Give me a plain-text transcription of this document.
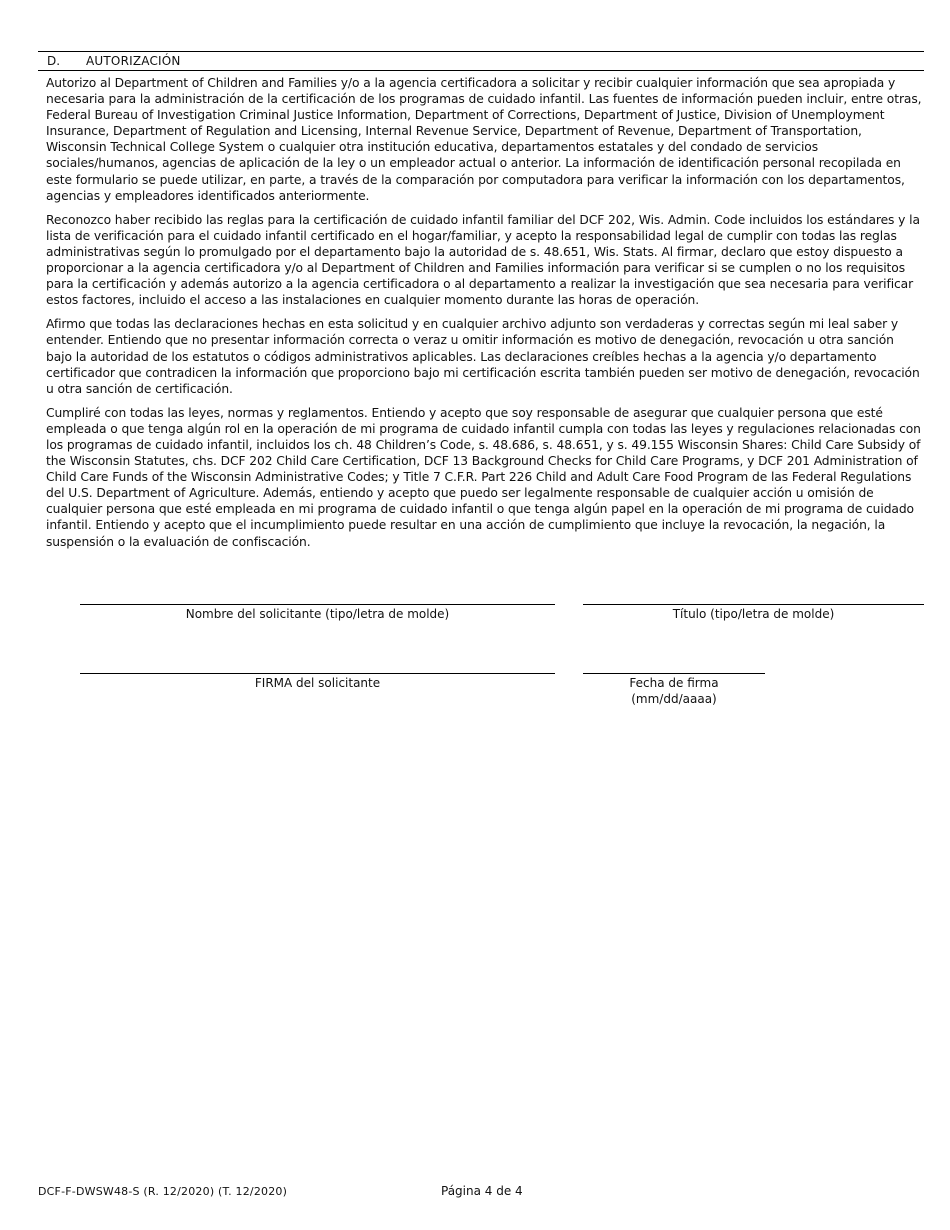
D. AUTORIZACIÓN

Autorizo al Department of Children and Families y/o a la agencia certificadora a solicitar y recibir cualquier información que sea apropiada y necesaria para la administración de la certificación de los programas de cuidado infantil. Las fuentes de información pueden incluir, entre otras, Federal Bureau of Investigation Criminal Justice Information, Department of Corrections, Department of Justice, Division of Unemployment Insurance, Department of Regulation and Licensing, Internal Revenue Service, Department of Revenue, Department of Transportation, Wisconsin Technical College System o cualquier otra institución educativa, departamentos estatales y del condado de servicios sociales/humanos, agencias de aplicación de la ley o un empleador actual o anterior. La información de identificación personal recopilada en este formulario se puede utilizar, en parte, a través de la comparación por computadora para verificar la información con los departamentos, agencias y empleadores identificados anteriormente.

Reconozco haber recibido las reglas para la certificación de cuidado infantil familiar del DCF 202, Wis. Admin. Code incluidos los estándares y la lista de verificación para el cuidado infantil certificado en el hogar/familiar, y acepto la responsabilidad legal de cumplir con todas las reglas administrativas según lo promulgado por el departamento bajo la autoridad de s. 48.651, Wis. Stats. Al firmar, declaro que estoy dispuesto a proporcionar a la agencia certificadora y/o al Department of Children and Families información para verificar si se cumplen o no los requisitos para la certificación y además autorizo a la agencia certificadora o al departamento a realizar la investigación que sea necesaria para verificar estos factores, incluido el acceso a las instalaciones en cualquier momento durante las horas de operación.

Afirmo que todas las declaraciones hechas en esta solicitud y en cualquier archivo adjunto son verdaderas y correctas según mi leal saber y entender. Entiendo que no presentar información correcta o veraz u omitir información es motivo de denegación, revocación u otra sanción bajo la autoridad de los estatutos o códigos administrativos aplicables. Las declaraciones creíbles hechas a la agencia y/o departamento certificador que contradicen la información que proporciono bajo mi certificación escrita también pueden ser motivo de denegación, revocación u otra sanción de certificación.

Cumpliré con todas las leyes, normas y reglamentos. Entiendo y acepto que soy responsable de asegurar que cualquier persona que esté empleada o que tenga algún rol en la operación de mi programa de cuidado infantil cumpla con todas las leyes y regulaciones relacionadas con los programas de cuidado infantil, incluidos los ch. 48 Children’s Code, s. 48.686, s. 48.651, y s. 49.155 Wisconsin Shares: Child Care Subsidy of the Wisconsin Statutes, chs. DCF 202 Child Care Certification, DCF 13 Background Checks for Child Care Programs, y DCF 201 Administration of Child Care Funds of the Wisconsin Administrative Codes; y Title 7 C.F.R. Part 226 Child and Adult Care Food Program de las Federal Regulations del U.S. Department of Agriculture. Además, entiendo y acepto que puedo ser legalmente responsable de cualquier acción u omisión de cualquier persona que esté empleada en mi programa de cuidado infantil o que tenga algún papel en la operación de mi programa de cuidado infantil. Entiendo y acepto que el incumplimiento puede resultar en una acción de cumplimiento que incluye la revocación, la negación, la suspensión o la evaluación de confiscación.

Nombre del solicitante (tipo/letra de molde)	Título (tipo/letra de molde)
FIRMA del solicitante	Fecha de firma
(mm/dd/aaaa)
DCF-F-DWSW48-S (R. 12/2020) (T. 12/2020)	Página 4 de 4
